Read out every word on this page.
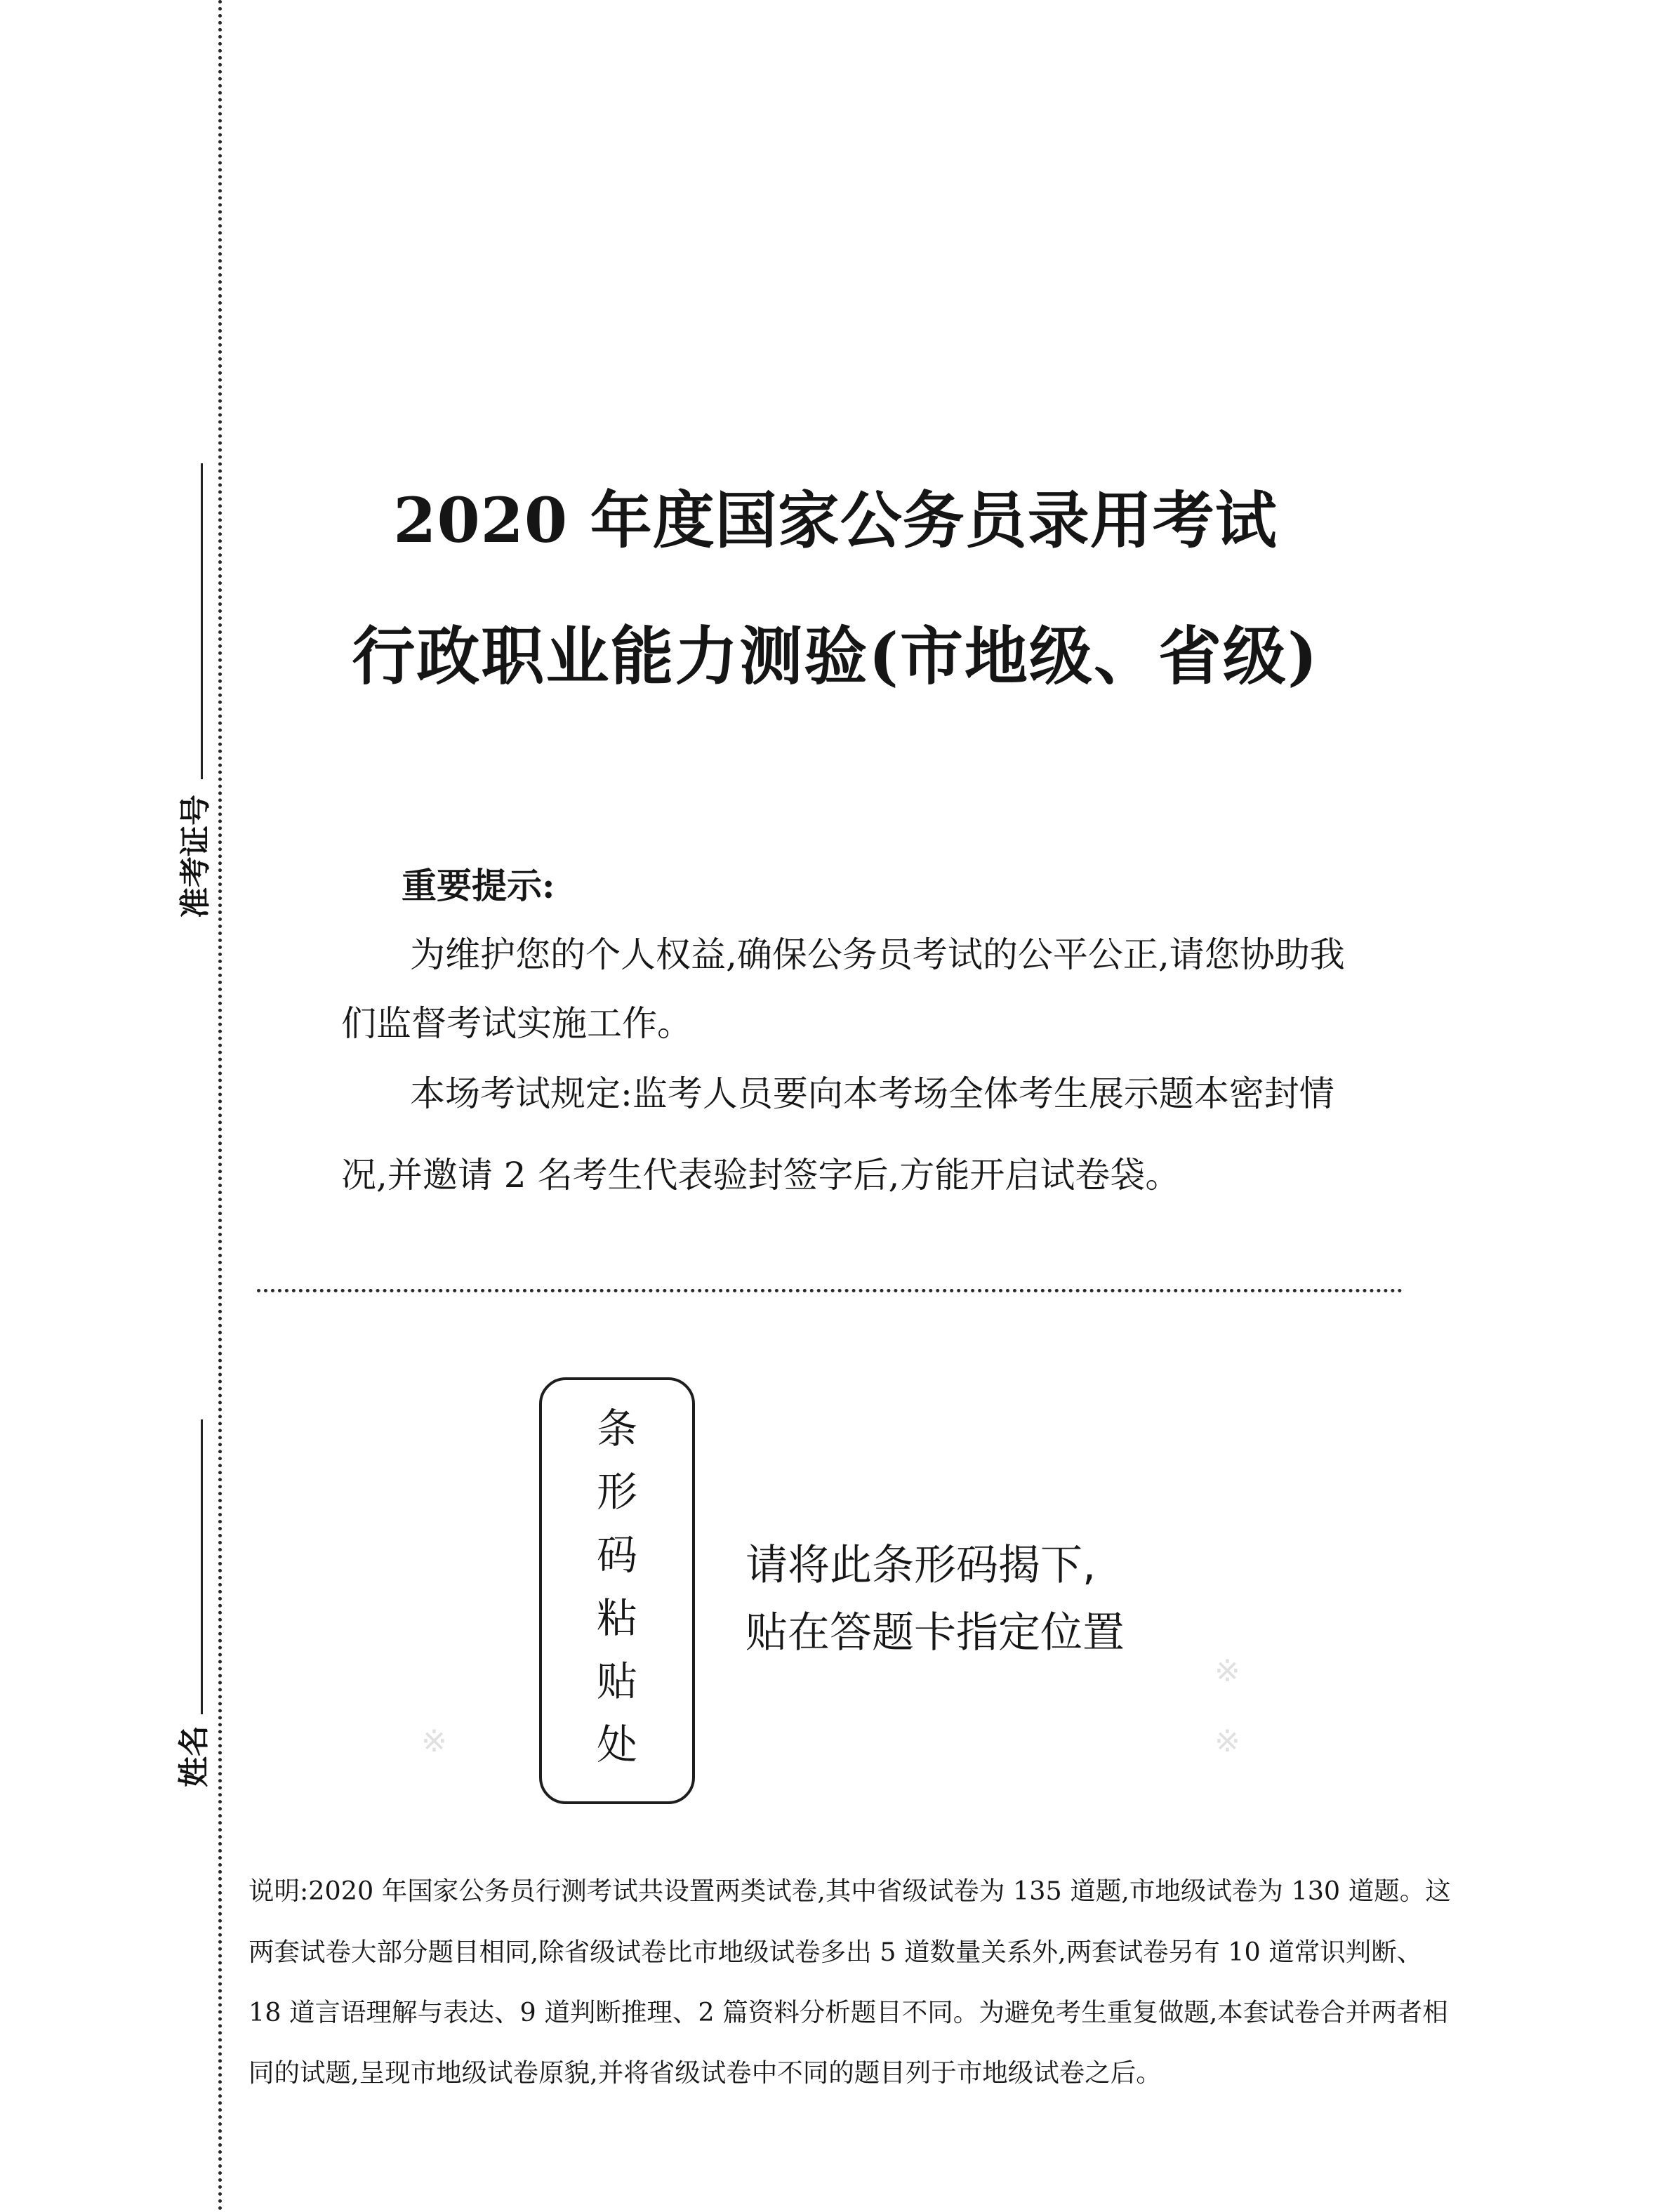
※
※
※
准考证号
姓名
2020 年度国家公务员录用考试
行政职业能力测验(市地级、省级)
重要提示:
为维护您的个人权益,确保公务员考试的公平公正,请您协助我
们监督考试实施工作。
本场考试规定:监考人员要向本考场全体考生展示题本密封情
况,并邀请 2 名考生代表验封签字后,方能开启试卷袋。
条
形
码
粘
贴
处
请将此条形码揭下,
贴在答题卡指定位置
说明:2020 年国家公务员行测考试共设置两类试卷,其中省级试卷为 135 道题,市地级试卷为 130 道题。这
两套试卷大部分题目相同,除省级试卷比市地级试卷多出 5 道数量关系外,两套试卷另有 10 道常识判断、
18 道言语理解与表达、9 道判断推理、2 篇资料分析题目不同。为避免考生重复做题,本套试卷合并两者相
同的试题,呈现市地级试卷原貌,并将省级试卷中不同的题目列于市地级试卷之后。
